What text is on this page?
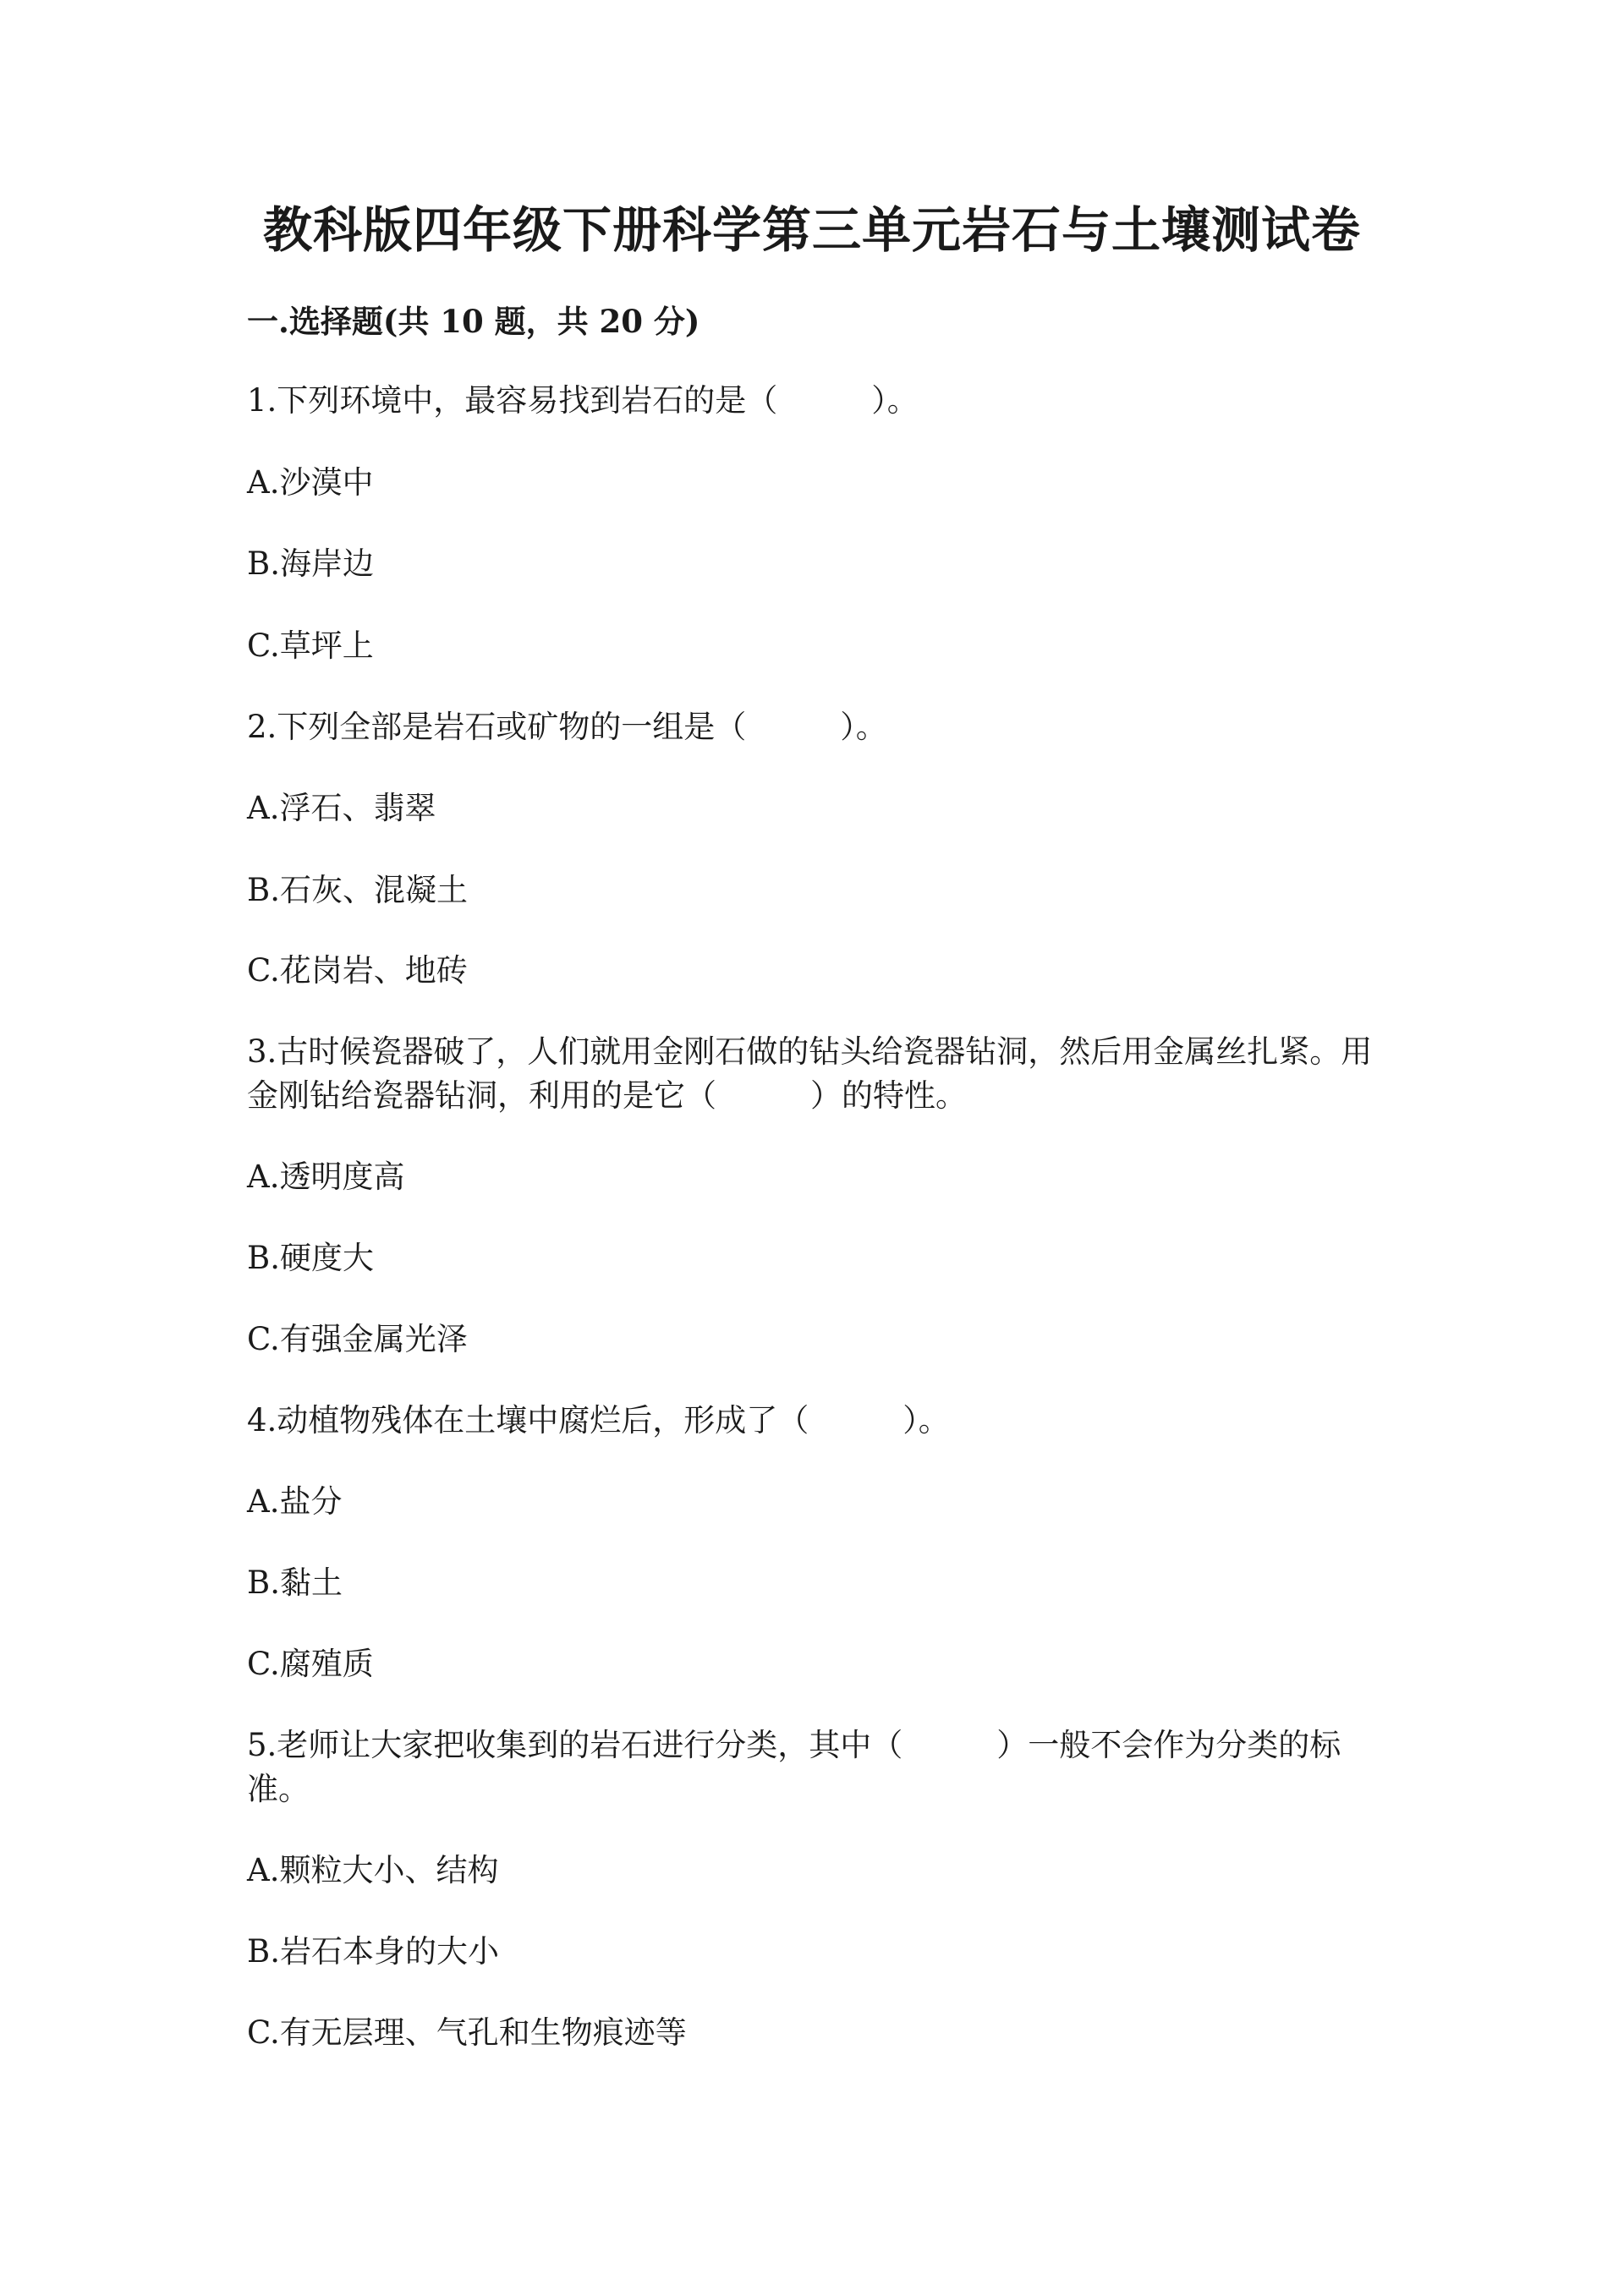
教科版四年级下册科学第三单元岩石与土壤测试卷
一.选择题(共 10 题，共 20 分)
1.下列环境中，最容易找到岩石的是（　　　）。
A.沙漠中
B.海岸边
C.草坪上
2.下列全部是岩石或矿物的一组是（　　　）。
A.浮石、翡翠
B.石灰、混凝土
C.花岗岩、地砖
3.古时候瓷器破了，人们就用金刚石做的钻头给瓷器钻洞，然后用金属丝扎紧。用金刚钻给瓷器钻洞，利用的是它（　　　）的特性。
A.透明度高
B.硬度大
C.有强金属光泽
4.动植物残体在土壤中腐烂后，形成了（　　　）。
A.盐分
B.黏土
C.腐殖质
5.老师让大家把收集到的岩石进行分类，其中（　　　）一般不会作为分类的标准。
A.颗粒大小、结构
B.岩石本身的大小
C.有无层理、气孔和生物痕迹等
